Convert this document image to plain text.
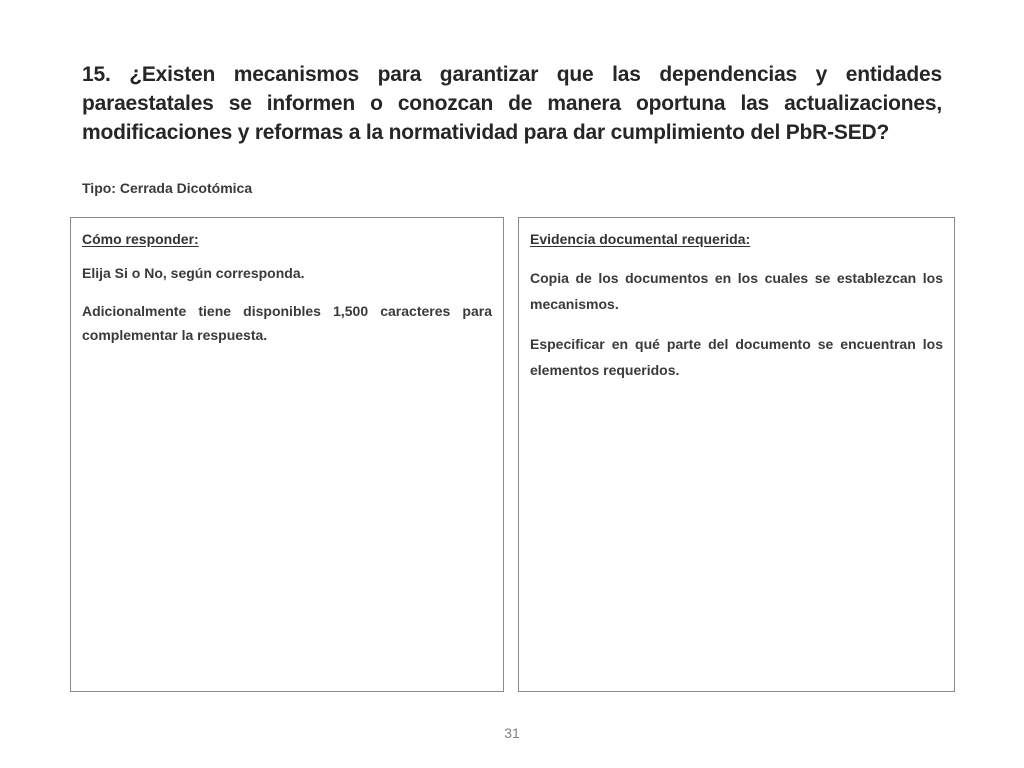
15. ¿Existen mecanismos para garantizar que las dependencias y entidades paraestatales se informen o conozcan de manera oportuna las actualizaciones, modificaciones y reformas a la normatividad para dar cumplimiento del PbR-SED?

Tipo: Cerrada Dicotómica

Cómo responder:

Elija Si o No, según corresponda.

Adicionalmente tiene disponibles 1,500 caracteres para complementar la respuesta.

Evidencia documental requerida:

Copia de los documentos en los cuales se establezcan los mecanismos.

Especificar en qué parte del documento se encuentran los elementos requeridos.

31
